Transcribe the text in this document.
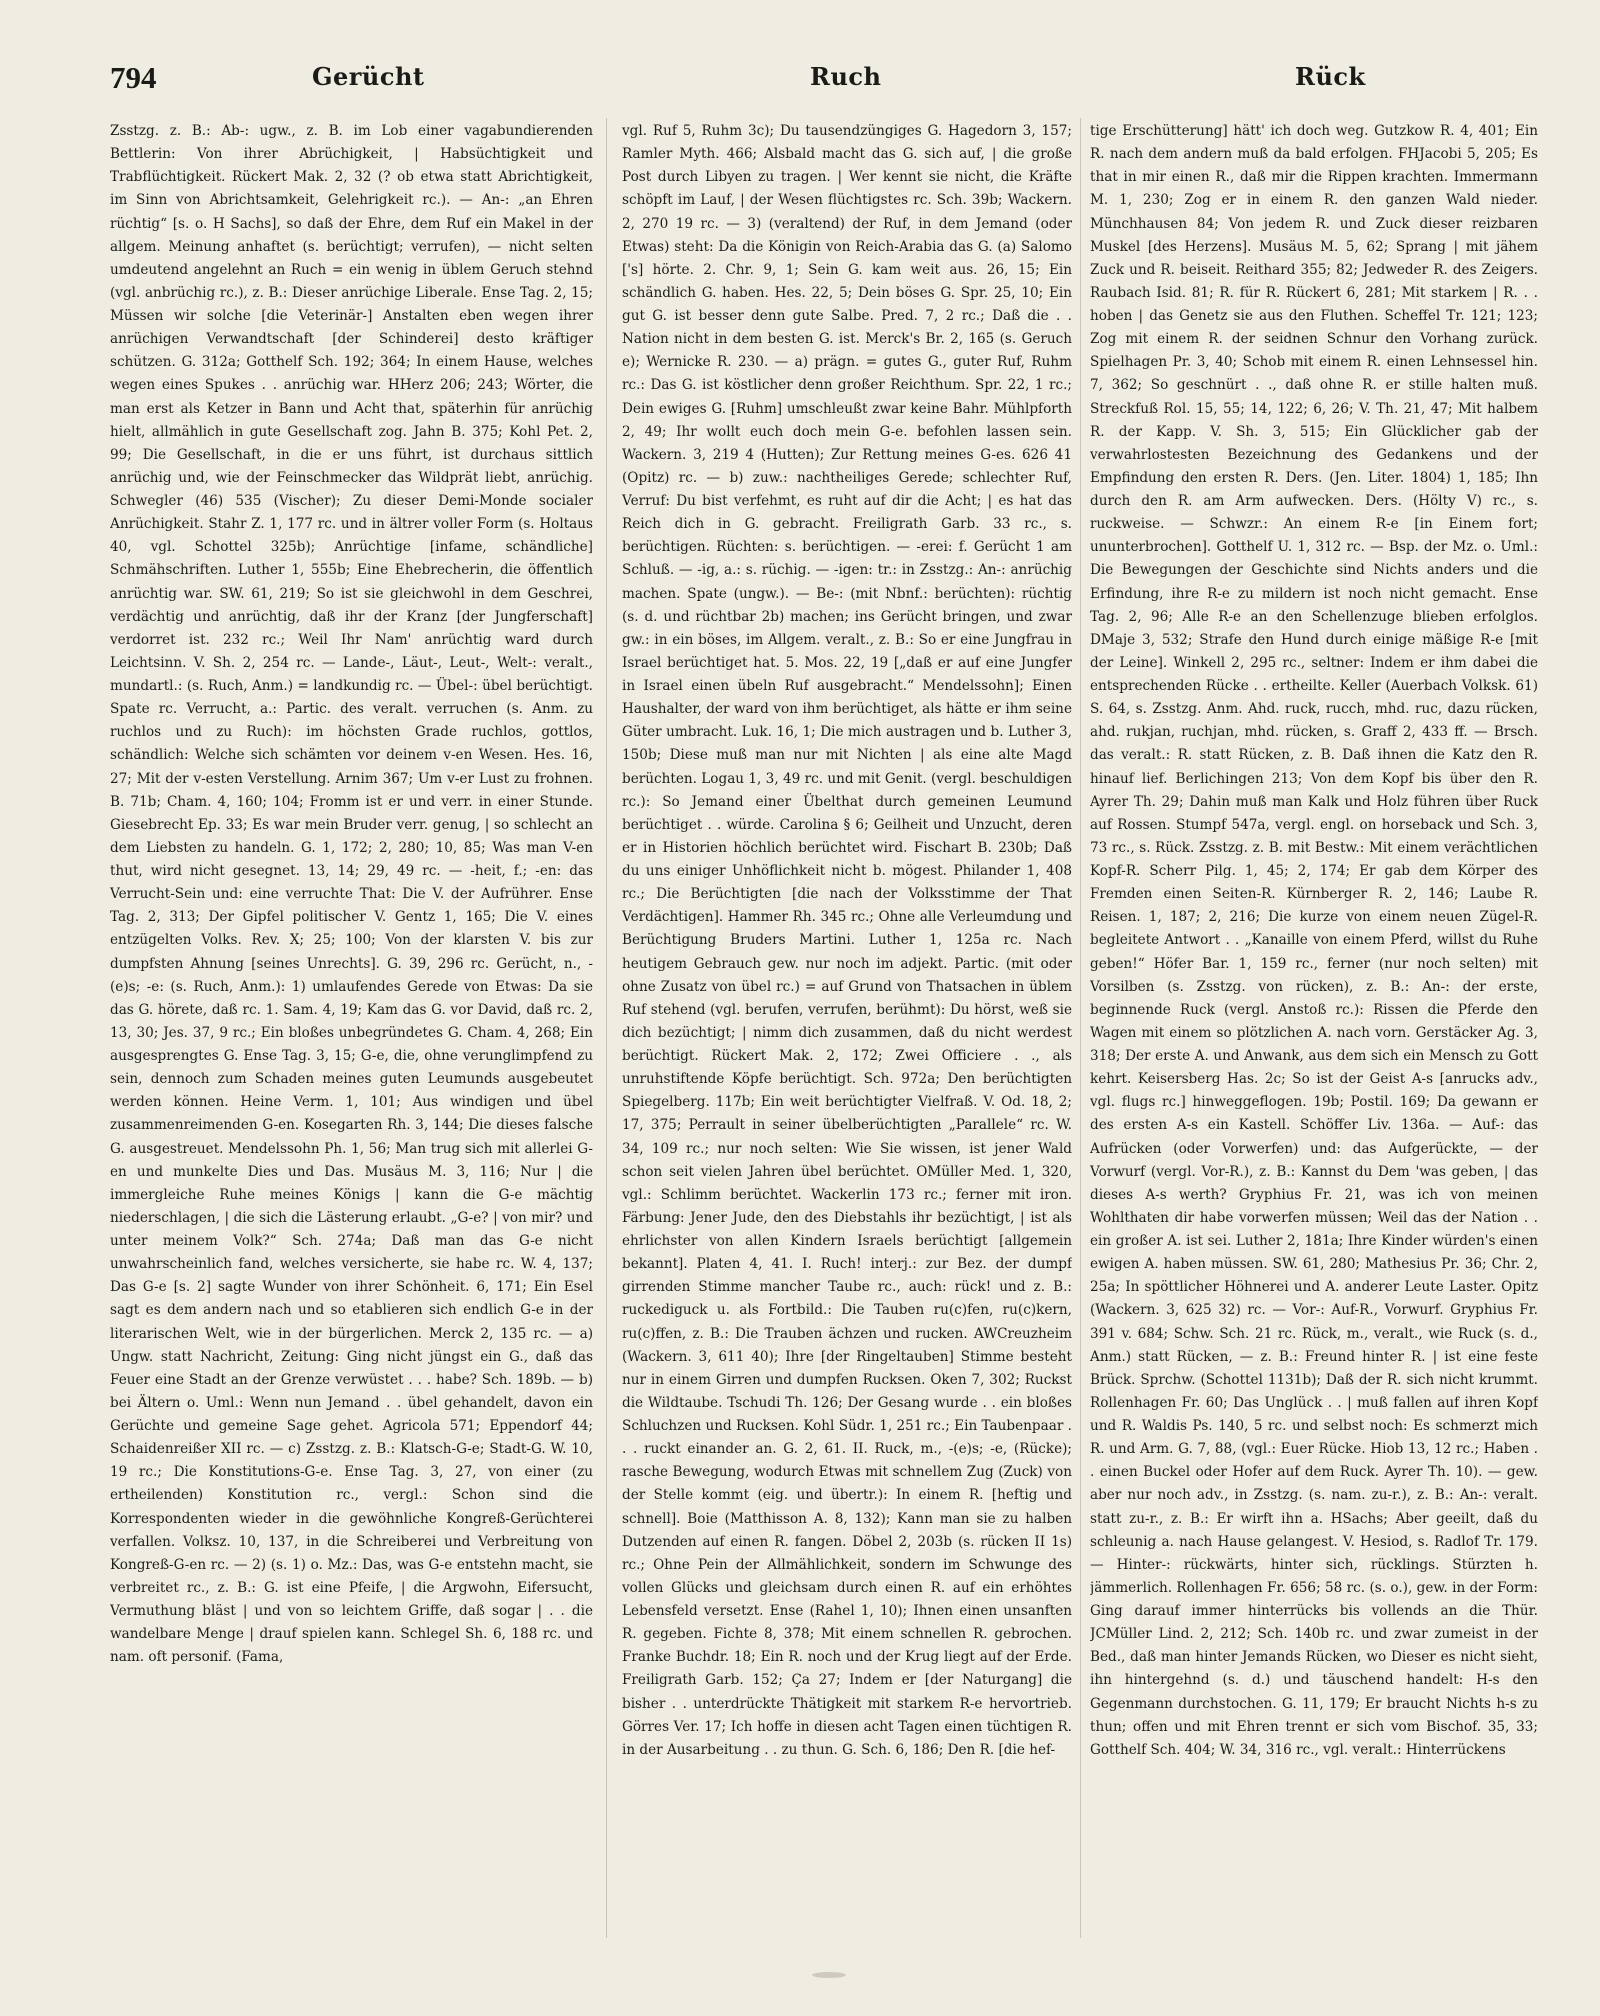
794	Gerücht	Ruch	Rück

Zsstzg. z. B.: Ab-: ugw., z. B. im Lob einer vagabundierenden Bettlerin: Von ihrer Abrüchigkeit, | Habsüchtigkeit und Trabflüchtigkeit. Rückert Mak. 2, 32 (? ob etwa statt Abrichtigkeit, im Sinn von Abrichtsamkeit, Gelehrigkeit rc.). — An-: „an Ehren rüchtig“ [s. o. H Sachs], so daß der Ehre, dem Ruf ein Makel in der allgem. Meinung anhaftet (s. berüchtigt; verrufen), — nicht selten umdeutend angelehnt an Ruch = ein wenig in üblem Geruch stehnd (vgl. anbrüchig rc.), z. B.: Dieser anrüchige Liberale. Ense Tag. 2, 15; Müssen wir solche [die Veterinär-] Anstalten eben wegen ihrer anrüchigen Verwandtschaft [der Schinderei] desto kräftiger schützen. G. 312a; Gotthelf Sch. 192; 364; In einem Hause, welches wegen eines Spukes . . anrüchig war. HHerz 206; 243; Wörter, die man erst als Ketzer in Bann und Acht that, späterhin für anrüchig hielt, allmählich in gute Gesellschaft zog. Jahn B. 375; Kohl Pet. 2, 99; Die Gesellschaft, in die er uns führt, ist durchaus sittlich anrüchig und, wie der Feinschmecker das Wildprät liebt, anrüchig. Schwegler (46) 535 (Vischer); Zu dieser Demi-Monde socialer Anrüchigkeit. Stahr Z. 1, 177 rc. und in ältrer voller Form (s. Holtaus 40, vgl. Schottel 325b); Anrüchtige [infame, schändliche] Schmähschriften. Luther 1, 555b; Eine Ehebrecherin, die öffentlich anrüchtig war. SW. 61, 219; So ist sie gleichwohl in dem Geschrei, verdächtig und anrüchtig, daß ihr der Kranz [der Jungferschaft] verdorret ist. 232 rc.; Weil Ihr Nam' anrüchtig ward durch Leichtsinn. V. Sh. 2, 254 rc. — Lande-, Läut-, Leut-, Welt-: veralt., mundartl.: (s. Ruch, Anm.) = landkundig rc. — Übel-: übel berüchtigt. Spate rc. Verrucht, a.: Partic. des veralt. verruchen (s. Anm. zu ruchlos und zu Ruch): im höchsten Grade ruchlos, gottlos, schändlich: Welche sich schämten vor deinem v-en Wesen. Hes. 16, 27; Mit der v-esten Verstellung. Arnim 367; Um v-er Lust zu frohnen. B. 71b; Cham. 4, 160; 104; Fromm ist er und verr. in einer Stunde. Giesebrecht Ep. 33; Es war mein Bruder verr. genug, | so schlecht an dem Liebsten zu handeln. G. 1, 172; 2, 280; 10, 85; Was man V-en thut, wird nicht gesegnet. 13, 14; 29, 49 rc. — -heit, f.; -en: das Verrucht-Sein und: eine verruchte That: Die V. der Aufrührer. Ense Tag. 2, 313; Der Gipfel politischer V. Gentz 1, 165; Die V. eines entzügelten Volks. Rev. X; 25; 100; Von der klarsten V. bis zur dumpfsten Ahnung [seines Unrechts]. G. 39, 296 rc. Gerücht, n., -(e)s; -e: (s. Ruch, Anm.): 1) umlaufendes Gerede von Etwas: Da sie das G. hörete, daß rc. 1. Sam. 4, 19; Kam das G. vor David, daß rc. 2, 13, 30; Jes. 37, 9 rc.; Ein bloßes unbegründetes G. Cham. 4, 268; Ein ausgesprengtes G. Ense Tag. 3, 15; G-e, die, ohne verunglimpfend zu sein, dennoch zum Schaden meines guten Leumunds ausgebeutet werden können. Heine Verm. 1, 101; Aus windigen und übel zusammenreimenden G-en. Kosegarten Rh. 3, 144; Die dieses falsche G. ausgestreuet. Mendelssohn Ph. 1, 56; Man trug sich mit allerlei G-en und munkelte Dies und Das. Musäus M. 3, 116; Nur | die immergleiche Ruhe meines Königs | kann die G-e mächtig niederschlagen, | die sich die Lästerung erlaubt. „G-e? | von mir? und unter meinem Volk?“ Sch. 274a; Daß man das G-e nicht unwahrscheinlich fand, welches versicherte, sie habe rc. W. 4, 137; Das G-e [s. 2] sagte Wunder von ihrer Schönheit. 6, 171; Ein Esel sagt es dem andern nach und so etablieren sich endlich G-e in der literarischen Welt, wie in der bürgerlichen. Merck 2, 135 rc. — a) Ungw. statt Nachricht, Zeitung: Ging nicht jüngst ein G., daß das Feuer eine Stadt an der Grenze verwüstet . . . habe? Sch. 189b. — b) bei Ältern o. Uml.: Wenn nun Jemand . . übel gehandelt, davon ein Gerüchte und gemeine Sage gehet. Agricola 571; Eppendorf 44; Schaidenreißer XII rc. — c) Zsstzg. z. B.: Klatsch-G-e; Stadt-G. W. 10, 19 rc.; Die Konstitutions-G-e. Ense Tag. 3, 27, von einer (zu ertheilenden) Konstitution rc., vergl.: Schon sind die Korrespondenten wieder in die gewöhnliche Kongreß-Gerüchterei verfallen. Volksz. 10, 137, in die Schreiberei und Verbreitung von Kongreß-G-en rc. — 2) (s. 1) o. Mz.: Das, was G-e entstehn macht, sie verbreitet rc., z. B.: G. ist eine Pfeife, | die Argwohn, Eifersucht, Vermuthung bläst | und von so leichtem Griffe, daß sogar | . . die wandelbare Menge | drauf spielen kann. Schlegel Sh. 6, 188 rc. und nam. oft personif. (Fama,

vgl. Ruf 5, Ruhm 3c); Du tausendzüngiges G. Hagedorn 3, 157; Ramler Myth. 466; Alsbald macht das G. sich auf, | die große Post durch Libyen zu tragen. | Wer kennt sie nicht, die Kräfte schöpft im Lauf, | der Wesen flüchtigstes rc. Sch. 39b; Wackern. 2, 270 19 rc. — 3) (veraltend) der Ruf, in dem Jemand (oder Etwas) steht: Da die Königin von Reich-Arabia das G. (a) Salomo ['s] hörte. 2. Chr. 9, 1; Sein G. kam weit aus. 26, 15; Ein schändlich G. haben. Hes. 22, 5; Dein böses G. Spr. 25, 10; Ein gut G. ist besser denn gute Salbe. Pred. 7, 2 rc.; Daß die . . Nation nicht in dem besten G. ist. Merck's Br. 2, 165 (s. Geruch e); Wernicke R. 230. — a) prägn. = gutes G., guter Ruf, Ruhm rc.: Das G. ist köstlicher denn großer Reichthum. Spr. 22, 1 rc.; Dein ewiges G. [Ruhm] umschleußt zwar keine Bahr. Mühlpforth 2, 49; Ihr wollt euch doch mein G-e. befohlen lassen sein. Wackern. 3, 219 4 (Hutten); Zur Rettung meines G-es. 626 41 (Opitz) rc. — b) zuw.: nachtheiliges Gerede; schlechter Ruf, Verruf: Du bist verfehmt, es ruht auf dir die Acht; | es hat das Reich dich in G. gebracht. Freiligrath Garb. 33 rc., s. berüchtigen. Rüchten: s. berüchtigen. — -erei: f. Gerücht 1 am Schluß. — -ig, a.: s. rüchig. — -igen: tr.: in Zsstzg.: An-: anrüchig machen. Spate (ungw.). — Be-: (mit Nbnf.: berüchten): rüchtig (s. d. und rüchtbar 2b) machen; ins Gerücht bringen, und zwar gw.: in ein böses, im Allgem. veralt., z. B.: So er eine Jungfrau in Israel berüchtiget hat. 5. Mos. 22, 19 [„daß er auf eine Jungfer in Israel einen übeln Ruf ausgebracht.“ Mendelssohn]; Einen Haushalter, der ward von ihm berüchtiget, als hätte er ihm seine Güter umbracht. Luk. 16, 1; Die mich austragen und b. Luther 3, 150b; Diese muß man nur mit Nichten | als eine alte Magd berüchten. Logau 1, 3, 49 rc. und mit Genit. (vergl. beschuldigen rc.): So Jemand einer Übelthat durch gemeinen Leumund berüchtiget . . würde. Carolina § 6; Geilheit und Unzucht, deren er in Historien höchlich berüchtet wird. Fischart B. 230b; Daß du uns einiger Unhöflichkeit nicht b. mögest. Philander 1, 408 rc.; Die Berüchtigten [die nach der Volksstimme der That Verdächtigen]. Hammer Rh. 345 rc.; Ohne alle Verleumdung und Berüchtigung Bruders Martini. Luther 1, 125a rc. Nach heutigem Gebrauch gew. nur noch im adjekt. Partic. (mit oder ohne Zusatz von übel rc.) = auf Grund von Thatsachen in üblem Ruf stehend (vgl. berufen, verrufen, berühmt): Du hörst, weß sie dich bezüchtigt; | nimm dich zusammen, daß du nicht werdest berüchtigt. Rückert Mak. 2, 172; Zwei Officiere . ., als unruhstiftende Köpfe berüchtigt. Sch. 972a; Den berüchtigten Spiegelberg. 117b; Ein weit berüchtigter Vielfraß. V. Od. 18, 2; 17, 375; Perrault in seiner übelberüchtigten „Parallele“ rc. W. 34, 109 rc.; nur noch selten: Wie Sie wissen, ist jener Wald schon seit vielen Jahren übel berüchtet. OMüller Med. 1, 320, vgl.: Schlimm berüchtet. Wackerlin 173 rc.; ferner mit iron. Färbung: Jener Jude, den des Diebstahls ihr bezüchtigt, | ist als ehrlichster von allen Kindern Israels berüchtigt [allgemein bekannt]. Platen 4, 41. I. Ruch! interj.: zur Bez. der dumpf girrenden Stimme mancher Taube rc., auch: rück! und z. B.: ruckediguck u. als Fortbild.: Die Tauben ru(c)fen, ru(c)kern, ru(c)ffen, z. B.: Die Trauben ächzen und rucken. AWCreuzheim (Wackern. 3, 611 40); Ihre [der Ringeltauben] Stimme besteht nur in einem Girren und dumpfen Rucksen. Oken 7, 302; Ruckst die Wildtaube. Tschudi Th. 126; Der Gesang wurde . . ein bloßes Schluchzen und Rucksen. Kohl Südr. 1, 251 rc.; Ein Taubenpaar . . . ruckt einander an. G. 2, 61. II. Ruck, m., -(e)s; -e, (Rücke); rasche Bewegung, wodurch Etwas mit schnellem Zug (Zuck) von der Stelle kommt (eig. und übertr.): In einem R. [heftig und schnell]. Boie (Matthisson A. 8, 132); Kann man sie zu halben Dutzenden auf einen R. fangen. Döbel 2, 203b (s. rücken II 1s) rc.; Ohne Pein der Allmählichkeit, sondern im Schwunge des vollen Glücks und gleichsam durch einen R. auf ein erhöhtes Lebensfeld versetzt. Ense (Rahel 1, 10); Ihnen einen unsanften R. gegeben. Fichte 8, 378; Mit einem schnellen R. gebrochen. Franke Buchdr. 18; Ein R. noch und der Krug liegt auf der Erde. Freiligrath Garb. 152; Ça 27; Indem er [der Naturgang] die bisher . . unterdrückte Thätigkeit mit starkem R-e hervortrieb. Görres Ver. 17; Ich hoffe in diesen acht Tagen einen tüchtigen R. in der Ausarbeitung . . zu thun. G. Sch. 6, 186; Den R. [die hef-

tige Erschütterung] hätt' ich doch weg. Gutzkow R. 4, 401; Ein R. nach dem andern muß da bald erfolgen. FHJacobi 5, 205; Es that in mir einen R., daß mir die Rippen krachten. Immermann M. 1, 230; Zog er in einem R. den ganzen Wald nieder. Münchhausen 84; Von jedem R. und Zuck dieser reizbaren Muskel [des Herzens]. Musäus M. 5, 62; Sprang | mit jähem Zuck und R. beiseit. Reithard 355; 82; Jedweder R. des Zeigers. Raubach Isid. 81; R. für R. Rückert 6, 281; Mit starkem | R. . . hoben | das Genetz sie aus den Fluthen. Scheffel Tr. 121; 123; Zog mit einem R. der seidnen Schnur den Vorhang zurück. Spielhagen Pr. 3, 40; Schob mit einem R. einen Lehnsessel hin. 7, 362; So geschnürt . ., daß ohne R. er stille halten muß. Streckfuß Rol. 15, 55; 14, 122; 6, 26; V. Th. 21, 47; Mit halbem R. der Kapp. V. Sh. 3, 515; Ein Glücklicher gab der verwahrlostesten Bezeichnung des Gedankens und der Empfindung den ersten R. Ders. (Jen. Liter. 1804) 1, 185; Ihn durch den R. am Arm aufwecken. Ders. (Hölty V) rc., s. ruckweise. — Schwzr.: An einem R-e [in Einem fort; ununterbrochen]. Gotthelf U. 1, 312 rc. — Bsp. der Mz. o. Uml.: Die Bewegungen der Geschichte sind Nichts anders und die Erfindung, ihre R-e zu mildern ist noch nicht gemacht. Ense Tag. 2, 96; Alle R-e an den Schellenzuge blieben erfolglos. DMaje 3, 532; Strafe den Hund durch einige mäßige R-e [mit der Leine]. Winkell 2, 295 rc., seltner: Indem er ihm dabei die entsprechenden Rücke . . ertheilte. Keller (Auerbach Volksk. 61) S. 64, s. Zsstzg. Anm. Ahd. ruck, rucch, mhd. ruc, dazu rücken, ahd. rukjan, ruchjan, mhd. rücken, s. Graff 2, 433 ff. — Brsch. das veralt.: R. statt Rücken, z. B. Daß ihnen die Katz den R. hinauf lief. Berlichingen 213; Von dem Kopf bis über den R. Ayrer Th. 29; Dahin muß man Kalk und Holz führen über Ruck auf Rossen. Stumpf 547a, vergl. engl. on horseback und Sch. 3, 73 rc., s. Rück. Zsstzg. z. B. mit Bestw.: Mit einem verächtlichen Kopf-R. Scherr Pilg. 1, 45; 2, 174; Er gab dem Körper des Fremden einen Seiten-R. Kürnberger R. 2, 146; Laube R. Reisen. 1, 187; 2, 216; Die kurze von einem neuen Zügel-R. begleitete Antwort . . „Kanaille von einem Pferd, willst du Ruhe geben!“ Höfer Bar. 1, 159 rc., ferner (nur noch selten) mit Vorsilben (s. Zsstzg. von rücken), z. B.: An-: der erste, beginnende Ruck (vergl. Anstoß rc.): Rissen die Pferde den Wagen mit einem so plötzlichen A. nach vorn. Gerstäcker Ag. 3, 318; Der erste A. und Anwank, aus dem sich ein Mensch zu Gott kehrt. Keisersberg Has. 2c; So ist der Geist A-s [anrucks adv., vgl. flugs rc.] hinweggeflogen. 19b; Postil. 169; Da gewann er des ersten A-s ein Kastell. Schöffer Liv. 136a. — Auf-: das Aufrücken (oder Vorwerfen) und: das Aufgerückte, — der Vorwurf (vergl. Vor-R.), z. B.: Kannst du Dem 'was geben, | das dieses A-s werth? Gryphius Fr. 21, was ich von meinen Wohlthaten dir habe vorwerfen müssen; Weil das der Nation . . ein großer A. ist sei. Luther 2, 181a; Ihre Kinder würden's einen ewigen A. haben müssen. SW. 61, 280; Mathesius Pr. 36; Chr. 2, 25a; In spöttlicher Höhnerei und A. anderer Leute Laster. Opitz (Wackern. 3, 625 32) rc. — Vor-: Auf-R., Vorwurf. Gryphius Fr. 391 v. 684; Schw. Sch. 21 rc. Rück, m., veralt., wie Ruck (s. d., Anm.) statt Rücken, — z. B.: Freund hinter R. | ist eine feste Brück. Sprchw. (Schottel 1131b); Daß der R. sich nicht krummt. Rollenhagen Fr. 60; Das Unglück . . | muß fallen auf ihren Kopf und R. Waldis Ps. 140, 5 rc. und selbst noch: Es schmerzt mich R. und Arm. G. 7, 88, (vgl.: Euer Rücke. Hiob 13, 12 rc.; Haben . . einen Buckel oder Hofer auf dem Ruck. Ayrer Th. 10). — gew. aber nur noch adv., in Zsstzg. (s. nam. zu-r.), z. B.: An-: veralt. statt zu-r., z. B.: Er wirft ihn a. HSachs; Aber geeilt, daß du schleunig a. nach Hause gelangest. V. Hesiod, s. Radlof Tr. 179. — Hinter-: rückwärts, hinter sich, rücklings. Stürzten h. jämmerlich. Rollenhagen Fr. 656; 58 rc. (s. o.), gew. in der Form: Ging darauf immer hinterrücks bis vollends an die Thür. JCMüller Lind. 2, 212; Sch. 140b rc. und zwar zumeist in der Bed., daß man hinter Jemands Rücken, wo Dieser es nicht sieht, ihn hintergehnd (s. d.) und täuschend handelt: H-s den Gegenmann durchstochen. G. 11, 179; Er braucht Nichts h-s zu thun; offen und mit Ehren trennt er sich vom Bischof. 35, 33; Gotthelf Sch. 404; W. 34, 316 rc., vgl. veralt.: Hinterrückens
